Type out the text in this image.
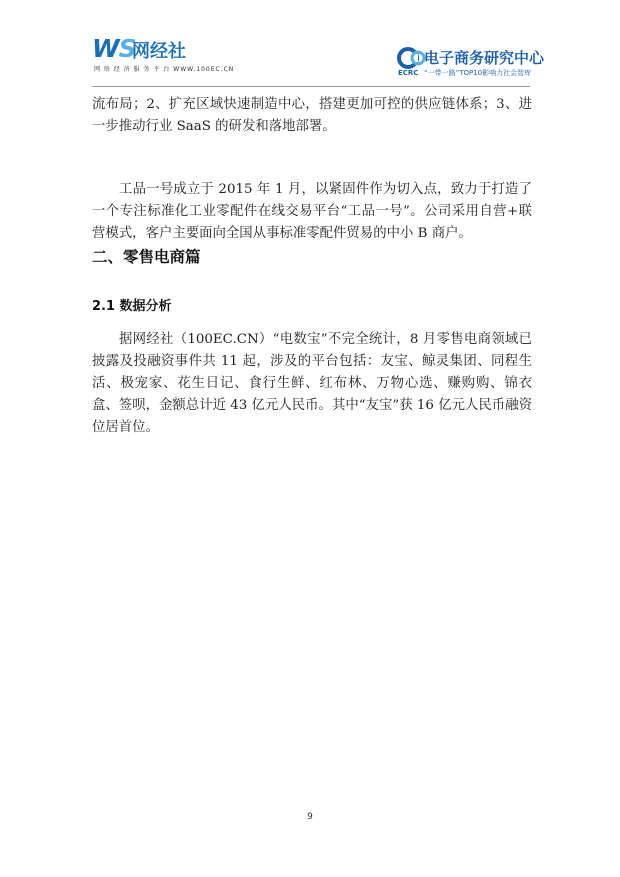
WS
网经社
网 络 经 济 服 务 平 台 WWW.100EC.CN	ECRC
电子商务研究中心
“一带一路”TOP10影响力社会智库

流布局；2、扩充区域快速制造中心，搭建更加可控的供应链体系；3、进一步推动行业 SaaS 的研发和落地部署。

工品一号成立于 2015 年 1 月，以紧固件作为切入点，致力于打造了一个专注标准化工业零配件在线交易平台“工品一号”。公司采用自营+联营模式，客户主要面向全国从事标准零配件贸易的中小 B 商户。

二、零售电商篇
2.1 数据分析

据网经社（100EC.CN）“电数宝”不完全统计，8 月零售电商领域已披露及投融资事件共 11 起，涉及的平台包括：友宝、鲸灵集团、同程生活、极宠家、花生日记、食行生鲜、红布林、万物心选、赚购购、锦衣盒、签呗，金额总计近 43 亿元人民币。其中“友宝”获 16 亿元人民币融资位居首位。

9
